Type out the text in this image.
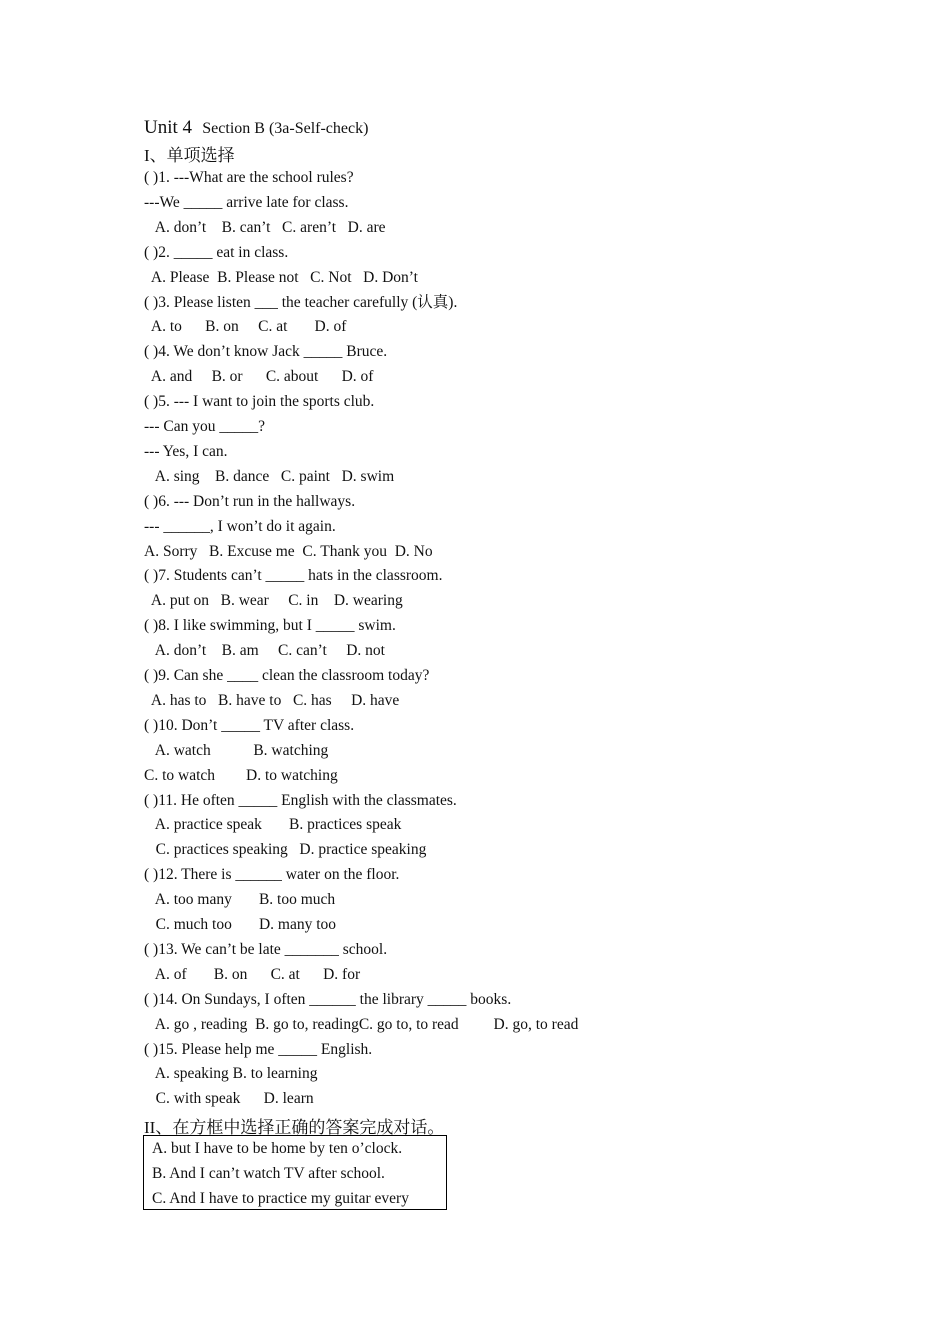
Unit 4 Section B (3a-Self-check)
I、单项选择
( )1. ---What are the school rules?
---We _____ arrive late for class.
A. don’t    B. can’t   C. aren’t   D. are
( )2. _____ eat in class.
A. Please  B. Please not   C. Not   D. Don’t
( )3. Please listen ___ the teacher carefully (认真).
A. to      B. on     C. at       D. of
( )4. We don’t know Jack _____ Bruce.
A. and     B. or      C. about      D. of
( )5. --- I want to join the sports club.
--- Can you _____?
--- Yes, I can.
A. sing    B. dance   C. paint   D. swim
( )6. --- Don’t run in the hallways.
--- ______, I won’t do it again.
A. Sorry   B. Excuse me  C. Thank you  D. No
( )7. Students can’t _____ hats in the classroom.
A. put on   B. wear     C. in    D. wearing
( )8. I like swimming, but I _____ swim.
A. don’t    B. am     C. can’t     D. not
( )9. Can she ____ clean the classroom today?
A. has to   B. have to   C. has     D. have
( )10. Don’t _____ TV after class.
A. watch           B. watching
C. to watch        D. to watching
( )11. He often _____ English with the classmates.
A. practice speak       B. practices speak
C. practices speaking   D. practice speaking
( )12. There is ______ water on the floor.
A. too many       B. too much
C. much too       D. many too
( )13. We can’t be late _______ school.
A. of       B. on      C. at      D. for
( )14. On Sundays, I often ______ the library _____ books.
A. go , reading  B. go to, readingC. go to, to read         D. go, to read
( )15. Please help me _____ English.
A. speaking B. to learning
C. with speak      D. learn
II、在方框中选择正确的答案完成对话。
A. but I have to be home by ten o’clock.
B. And I can’t watch TV after school.
C. And I have to practice my guitar every
